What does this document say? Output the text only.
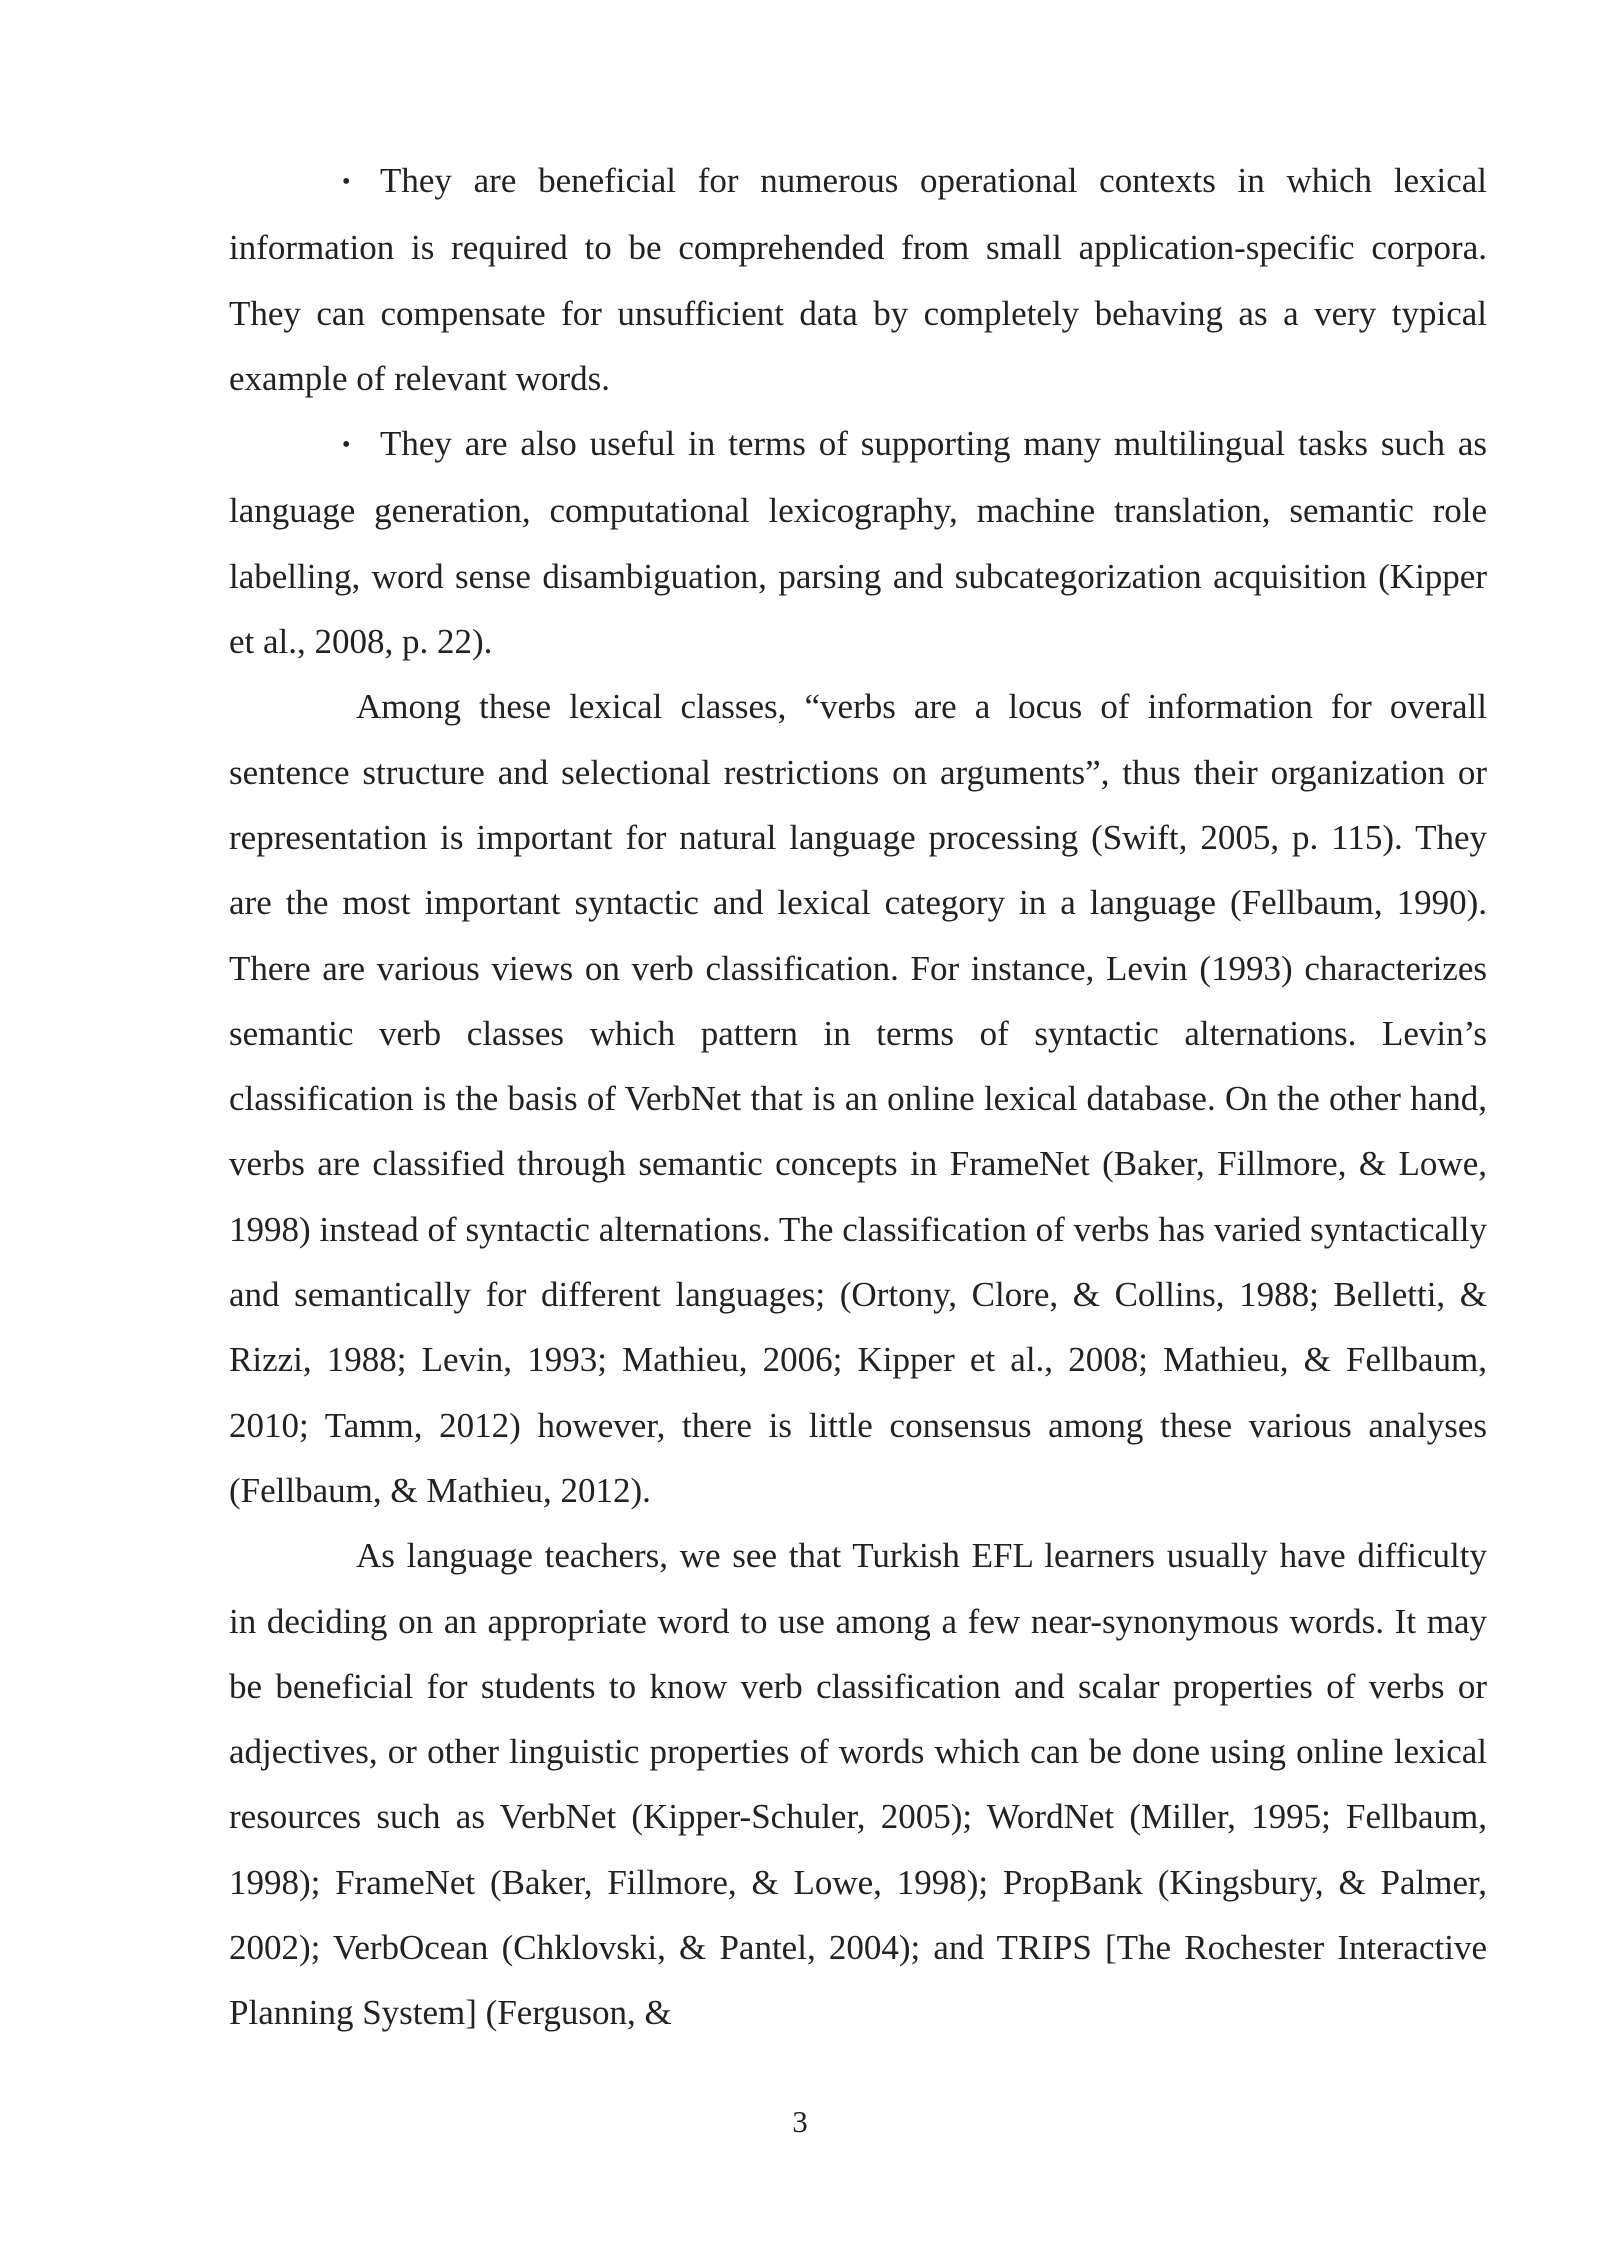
• They are beneficial for numerous operational contexts in which lexical information is required to be comprehended from small application-specific corpora. They can compensate for unsufficient data by completely behaving as a very typical example of relevant words.

• They are also useful in terms of supporting many multilingual tasks such as language generation, computational lexicography, machine translation, semantic role labelling, word sense disambiguation, parsing and subcategorization acquisition (Kipper et al., 2008, p. 22).

Among these lexical classes, “verbs are a locus of information for overall sentence structure and selectional restrictions on arguments”, thus their organization or representation is important for natural language processing (Swift, 2005, p. 115). They are the most important syntactic and lexical category in a language (Fellbaum, 1990). There are various views on verb classification. For instance, Levin (1993) characterizes semantic verb classes which pattern in terms of syntactic alternations. Levin’s classification is the basis of VerbNet that is an online lexical database. On the other hand, verbs are classified through semantic concepts in FrameNet (Baker, Fillmore, & Lowe, 1998) instead of syntactic alternations. The classification of verbs has varied syntactically and semantically for different languages; (Ortony, Clore, & Collins, 1988; Belletti, & Rizzi, 1988; Levin, 1993; Mathieu, 2006; Kipper et al., 2008; Mathieu, & Fellbaum, 2010; Tamm, 2012) however, there is little consensus among these various analyses (Fellbaum, & Mathieu, 2012).

As language teachers, we see that Turkish EFL learners usually have difficulty in deciding on an appropriate word to use among a few near-synonymous words. It may be beneficial for students to know verb classification and scalar properties of verbs or adjectives, or other linguistic properties of words which can be done using online lexical resources such as VerbNet (Kipper-Schuler, 2005); WordNet (Miller, 1995; Fellbaum, 1998); FrameNet (Baker, Fillmore, & Lowe, 1998); PropBank (Kingsbury, & Palmer, 2002); VerbOcean (Chklovski, & Pantel, 2004); and TRIPS [The Rochester Interactive Planning System] (Ferguson, &

3
